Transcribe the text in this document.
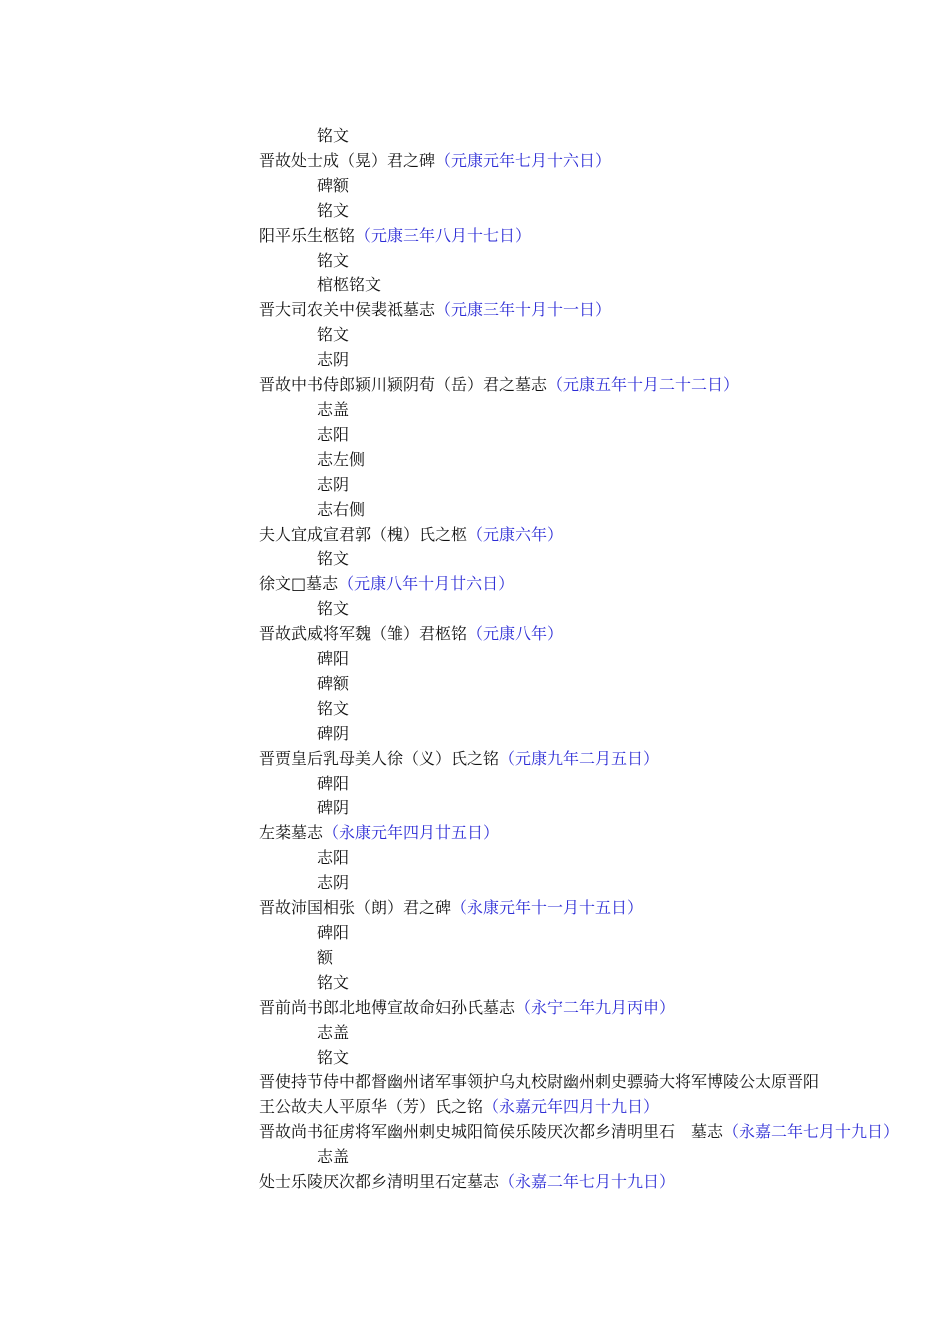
铭文
晋故处士成（晃）君之碑（元康元年七月十六日）
碑额
铭文
阳平乐生柩铭（元康三年八月十七日）
铭文
棺柩铭文
晋大司农关中侯裴祗墓志（元康三年十月十一日）
铭文
志阴
晋故中书侍郎颍川颍阴荀（岳）君之墓志（元康五年十月二十二日）
志盖
志阳
志左侧
志阴
志右侧
夫人宜成宣君郭（槐）氏之柩（元康六年）
铭文
徐文□墓志（元康八年十月廿六日）
铭文
晋故武威将军魏（雏）君柩铭（元康八年）
碑阳
碑额
铭文
碑阴
晋贾皇后乳母美人徐（义）氏之铭（元康九年二月五日）
碑阳
碑阴
左棻墓志（永康元年四月廿五日）
志阳
志阴
晋故沛国相张（朗）君之碑（永康元年十一月十五日）
碑阳
额
铭文
晋前尚书郎北地傅宣故命妇孙氏墓志（永宁二年九月丙申）
志盖
铭文
晋使持节侍中都督幽州诸军事领护乌丸校尉幽州刺史骠骑大将军博陵公太原晋阳王公故夫人平原华（芳）氏之铭（永嘉元年四月十九日）
晋故尚书征虏将军幽州刺史城阳简侯乐陵厌次都乡清明里石　墓志（永嘉二年七月十九日）
志盖
处士乐陵厌次都乡清明里石定墓志（永嘉二年七月十九日）
